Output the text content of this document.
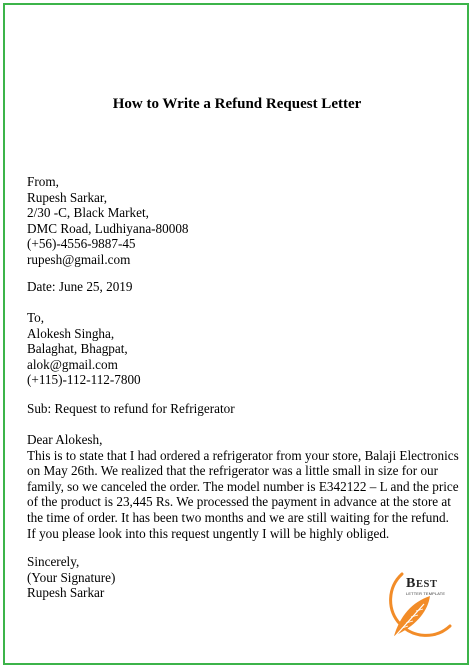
How to Write a Refund Request Letter
From,
Rupesh Sarkar,
2/30 -C, Black Market,
DMC Road, Ludhiyana-80008
(+56)-4556-9887-45
rupesh@gmail.com
Date: June 25, 2019
To,
Alokesh Singha,
Balaghat, Bhagpat,
alok@gmail.com
(+115)-112-112-7800
Sub: Request to refund for Refrigerator
Dear Alokesh,
This is to state that I had ordered a refrigerator from your store, Balaji Electronics
on May 26th. We realized that the refrigerator was a little small in size for our
family, so we canceled the order. The model number is E342122 – L and the price
of the product is 23,445 Rs. We processed the payment in advance at the store at
the time of order. It has been two months and we are still waiting for the refund.
If you please look into this request ungently I will be highly obliged.
Sincerely,
(Your Signature)
Rupesh Sarkar
BEST
LETTER TEMPLATE
